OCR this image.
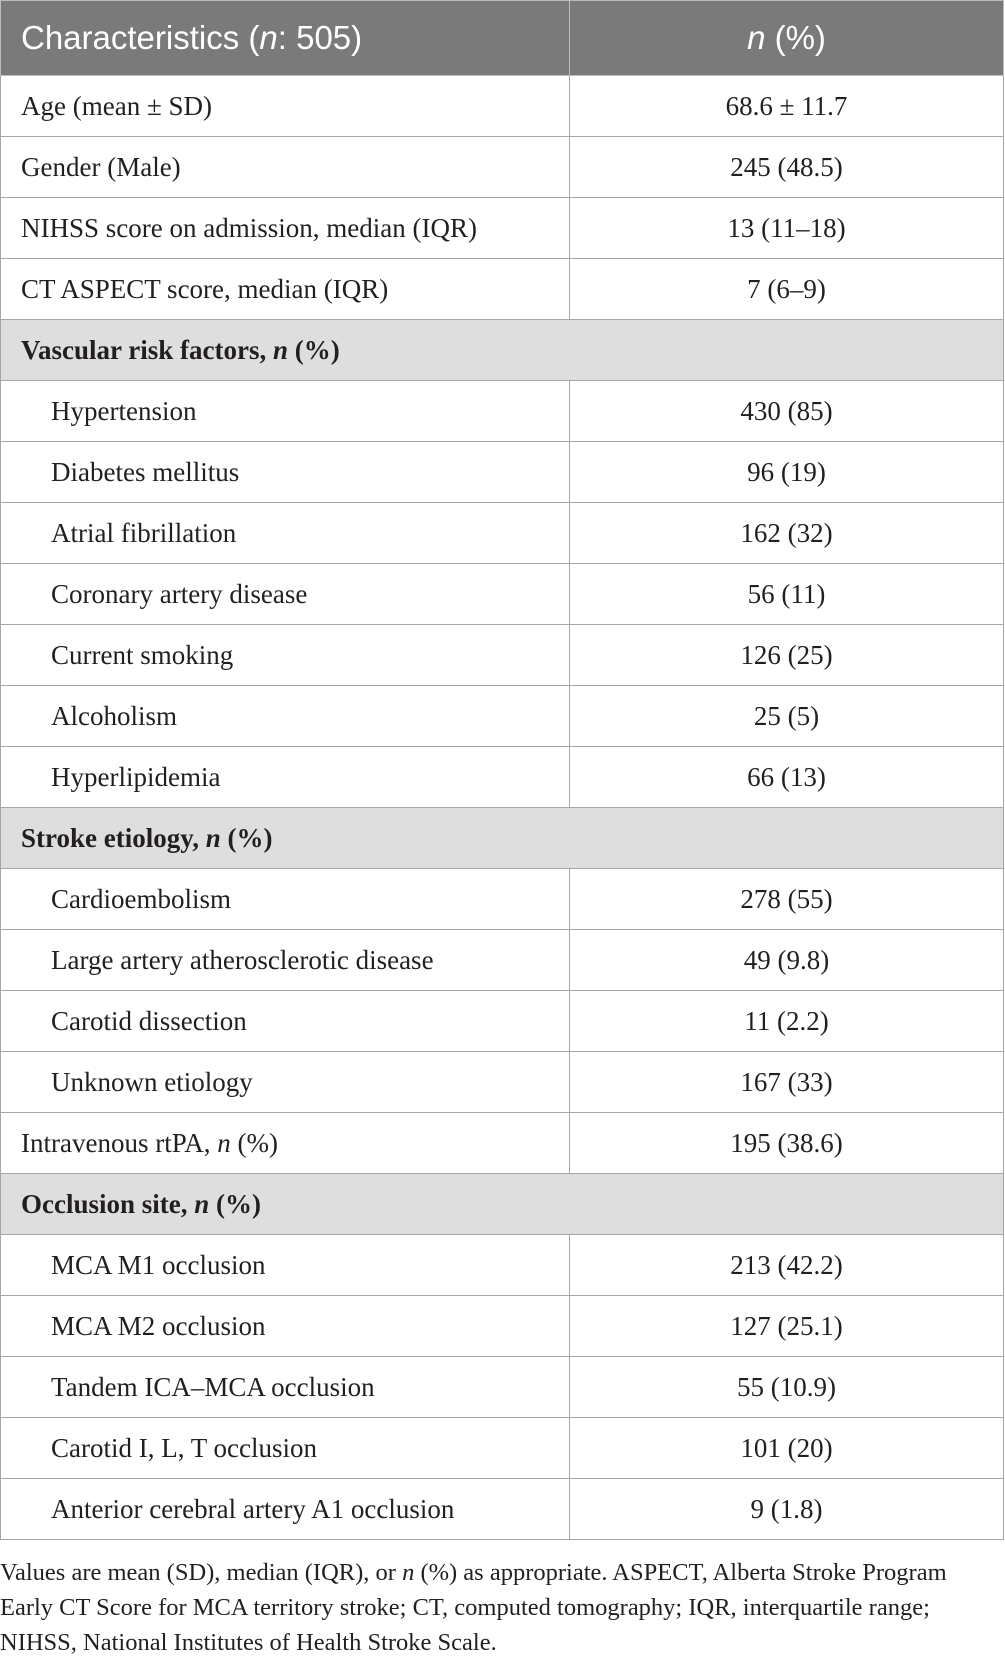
Characteristics (n: 505)	n (%)
Age (mean ± SD)	68.6 ± 11.7
Gender (Male)	245 (48.5)
NIHSS score on admission, median (IQR)	13 (11–18)
CT ASPECT score, median (IQR)	7 (6–9)
Vascular risk factors, n (%)	
Hypertension	430 (85)
Diabetes mellitus	96 (19)
Atrial fibrillation	162 (32)
Coronary artery disease	56 (11)
Current smoking	126 (25)
Alcoholism	25 (5)
Hyperlipidemia	66 (13)
Stroke etiology, n (%)	
Cardioembolism	278 (55)
Large artery atherosclerotic disease	49 (9.8)
Carotid dissection	11 (2.2)
Unknown etiology	167 (33)
Intravenous rtPA, n (%)	195 (38.6)
Occlusion site, n (%)	
MCA M1 occlusion	213 (42.2)
MCA M2 occlusion	127 (25.1)
Tandem ICA–MCA occlusion	55 (10.9)
Carotid I, L, T occlusion	101 (20)
Anterior cerebral artery A1 occlusion	9 (1.8)
Values are mean (SD), median (IQR), or n (%) as appropriate. ASPECT, Alberta Stroke Program Early CT Score for MCA territory stroke; CT, computed tomography; IQR, interquartile range; NIHSS, National Institutes of Health Stroke Scale.
